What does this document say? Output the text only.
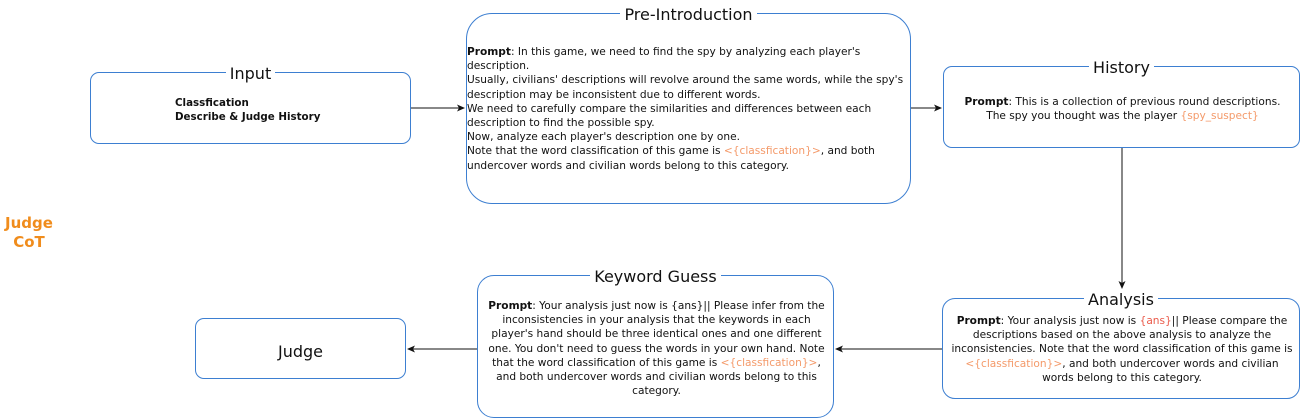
Judge
CoT
Input
Classfication
Describe & Judge History
Pre-Introduction
Prompt: In this game, we need to find the spy by analyzing each player's description.
Usually, civilians' descriptions will revolve around the same words, while the spy's description may be inconsistent due to different words.
We need to carefully compare the similarities and differences between each description to find the possible spy.
Now, analyze each player's description one by one.
Note that the word classification of this game is <{classfication}>, and both undercover words and civilian words belong to this category.
History
Prompt: This is a collection of previous round descriptions.
The spy you thought was the player {spy_suspect}
Analysis
Prompt: Your analysis just now is {ans}|| Please compare the descriptions based on the above analysis to analyze the inconsistencies. Note that the word classification of this game is <{classfication}>, and both undercover words and civilian words belong to this category.
Keyword Guess
Prompt: Your analysis just now is {ans}|| Please infer from the inconsistencies in your analysis that the keywords in each player's hand should be three identical ones and one different one. You don't need to guess the words in your own hand. Note that the word classification of this game is <{classfication}>, and both undercover words and civilian words belong to this category.
Judge
